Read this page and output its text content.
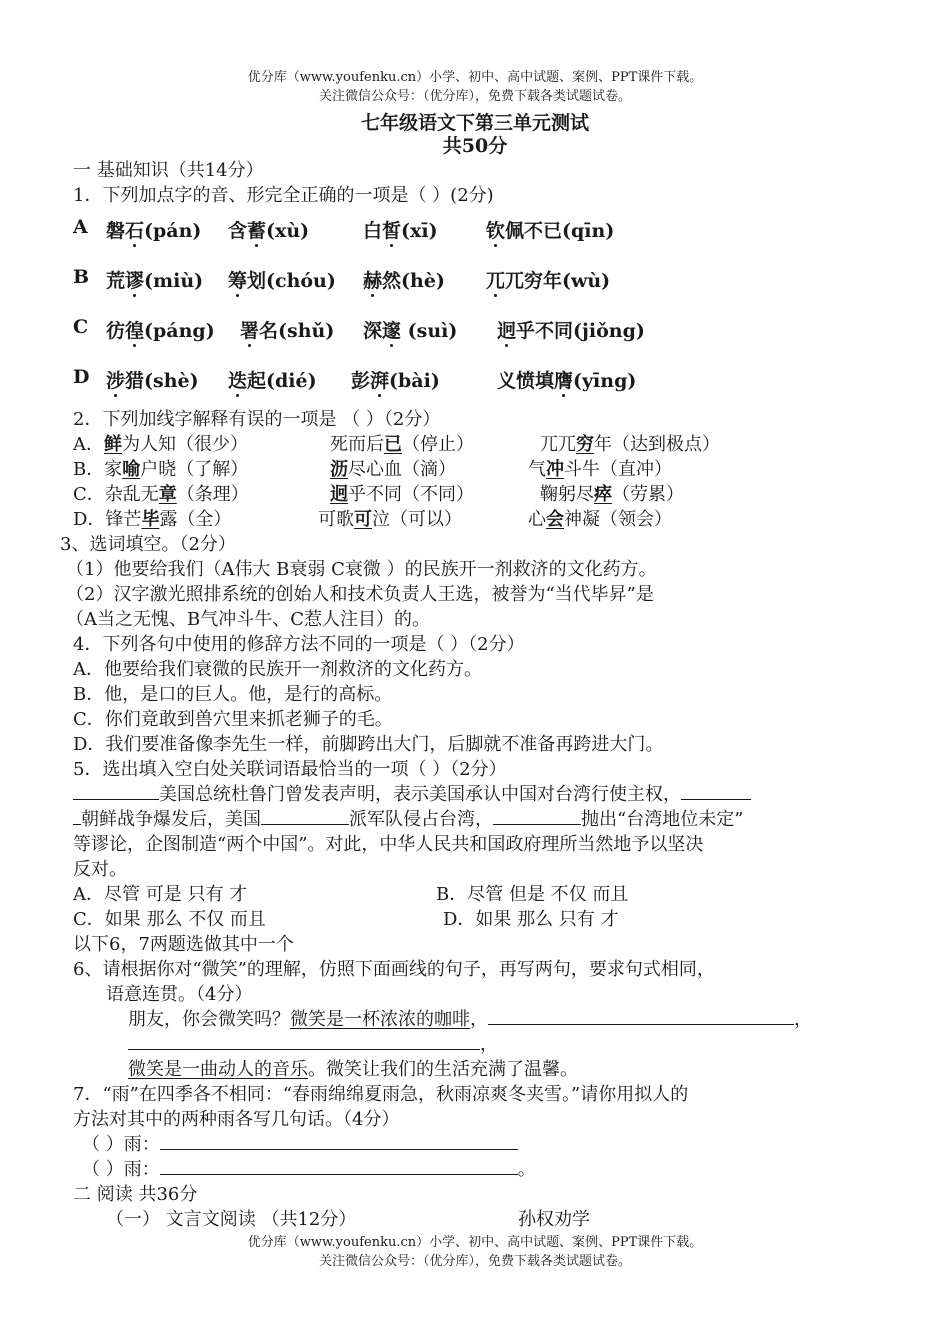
优分库（www.youfenku.cn）小学、初中、高中试题、案例、PPT课件下载。
关注微信公众号：（优分库），免费下载各类试题试卷。
七年级语文下第三单元测试
共50分
一 基础知识（共14分）
1．下列加点字的音、形完全正确的一项是（ ）(2分)
A 磐石(pán) 含蓄(xù)	白皙(xī)	钦佩不已(qīn)
B 荒谬(miù) 筹划(chóu) 赫然(hè) 兀兀穷年(wù)
C 彷徨(páng) 署名(shǔ) 深邃 (suì) 迥乎不同(jiǒng)
D 涉猎(shè) 迭起(dié) 彭湃(bài)	义愤填膺(yīng)
2．下列加线字解释有误的一项是 （ ）（2分）
A．鲜为人知（很少）	死而后已（停止）	兀兀穷年（达到极点）
B．家喻户晓（了解）	沥尽心血（滴）	气冲斗牛（直冲）
C．杂乱无章（条理）	迥乎不同（不同）	鞠躬尽瘁（劳累）
D．锋芒毕露（全）	可歌可泣（可以）	心会神凝（领会）
3、选词填空。（2分）
（1）他要给我们（A伟大 B衰弱 C衰微 ）的民族开一剂救济的文化药方。
（2）汉字激光照排系统的创始人和技术负责人王选，被誉为“当代毕昇”是
（A当之无愧、B气冲斗牛、C惹人注目）的。
4．下列各句中使用的修辞方法不同的一项是（ ）（2分）
A．他要给我们衰微的民族开一剂救济的文化药方。
B．他，是口的巨人。他，是行的高标。
C．你们竟敢到兽穴里来抓老狮子的毛。
D．我们要准备像李先生一样，前脚跨出大门，后脚就不准备再跨进大门。
5．选出填入空白处关联词语最恰当的一项（ ）（2分）
美国总统杜鲁门曾发表声明，表示美国承认中国对台湾行使主权，
朝鲜战争爆发后，美国	派军队侵占台湾，	抛出“台湾地位未定”
等谬论，企图制造“两个中国”。对此，中华人民共和国政府理所当然地予以坚决
反对。
A．尽管 可是 只有 才	B．尽管 但是 不仅 而且
C．如果 那么 不仅 而且	D．如果 那么 只有 才
以下6，7两题选做其中一个
6、请根据你对“微笑”的理解，仿照下面画线的句子，再写两句，要求句式相同，
语意连贯。（4分）
朋友，你会微笑吗？微笑是一杯浓浓的咖啡，	，
，
微笑是一曲动人的音乐。微笑让我们的生活充满了温馨。
7．“雨”在四季各不相同：“春雨绵绵夏雨急，秋雨凉爽冬夹雪。”请你用拟人的
方法对其中的两种雨各写几句话。（4分）
（ ）雨：
（ ）雨：	。
二 阅读 共36分
（一） 文言文阅读 （共12分）	孙权劝学
优分库（www.youfenku.cn）小学、初中、高中试题、案例、PPT课件下载。
关注微信公众号：（优分库），免费下载各类试题试卷。
